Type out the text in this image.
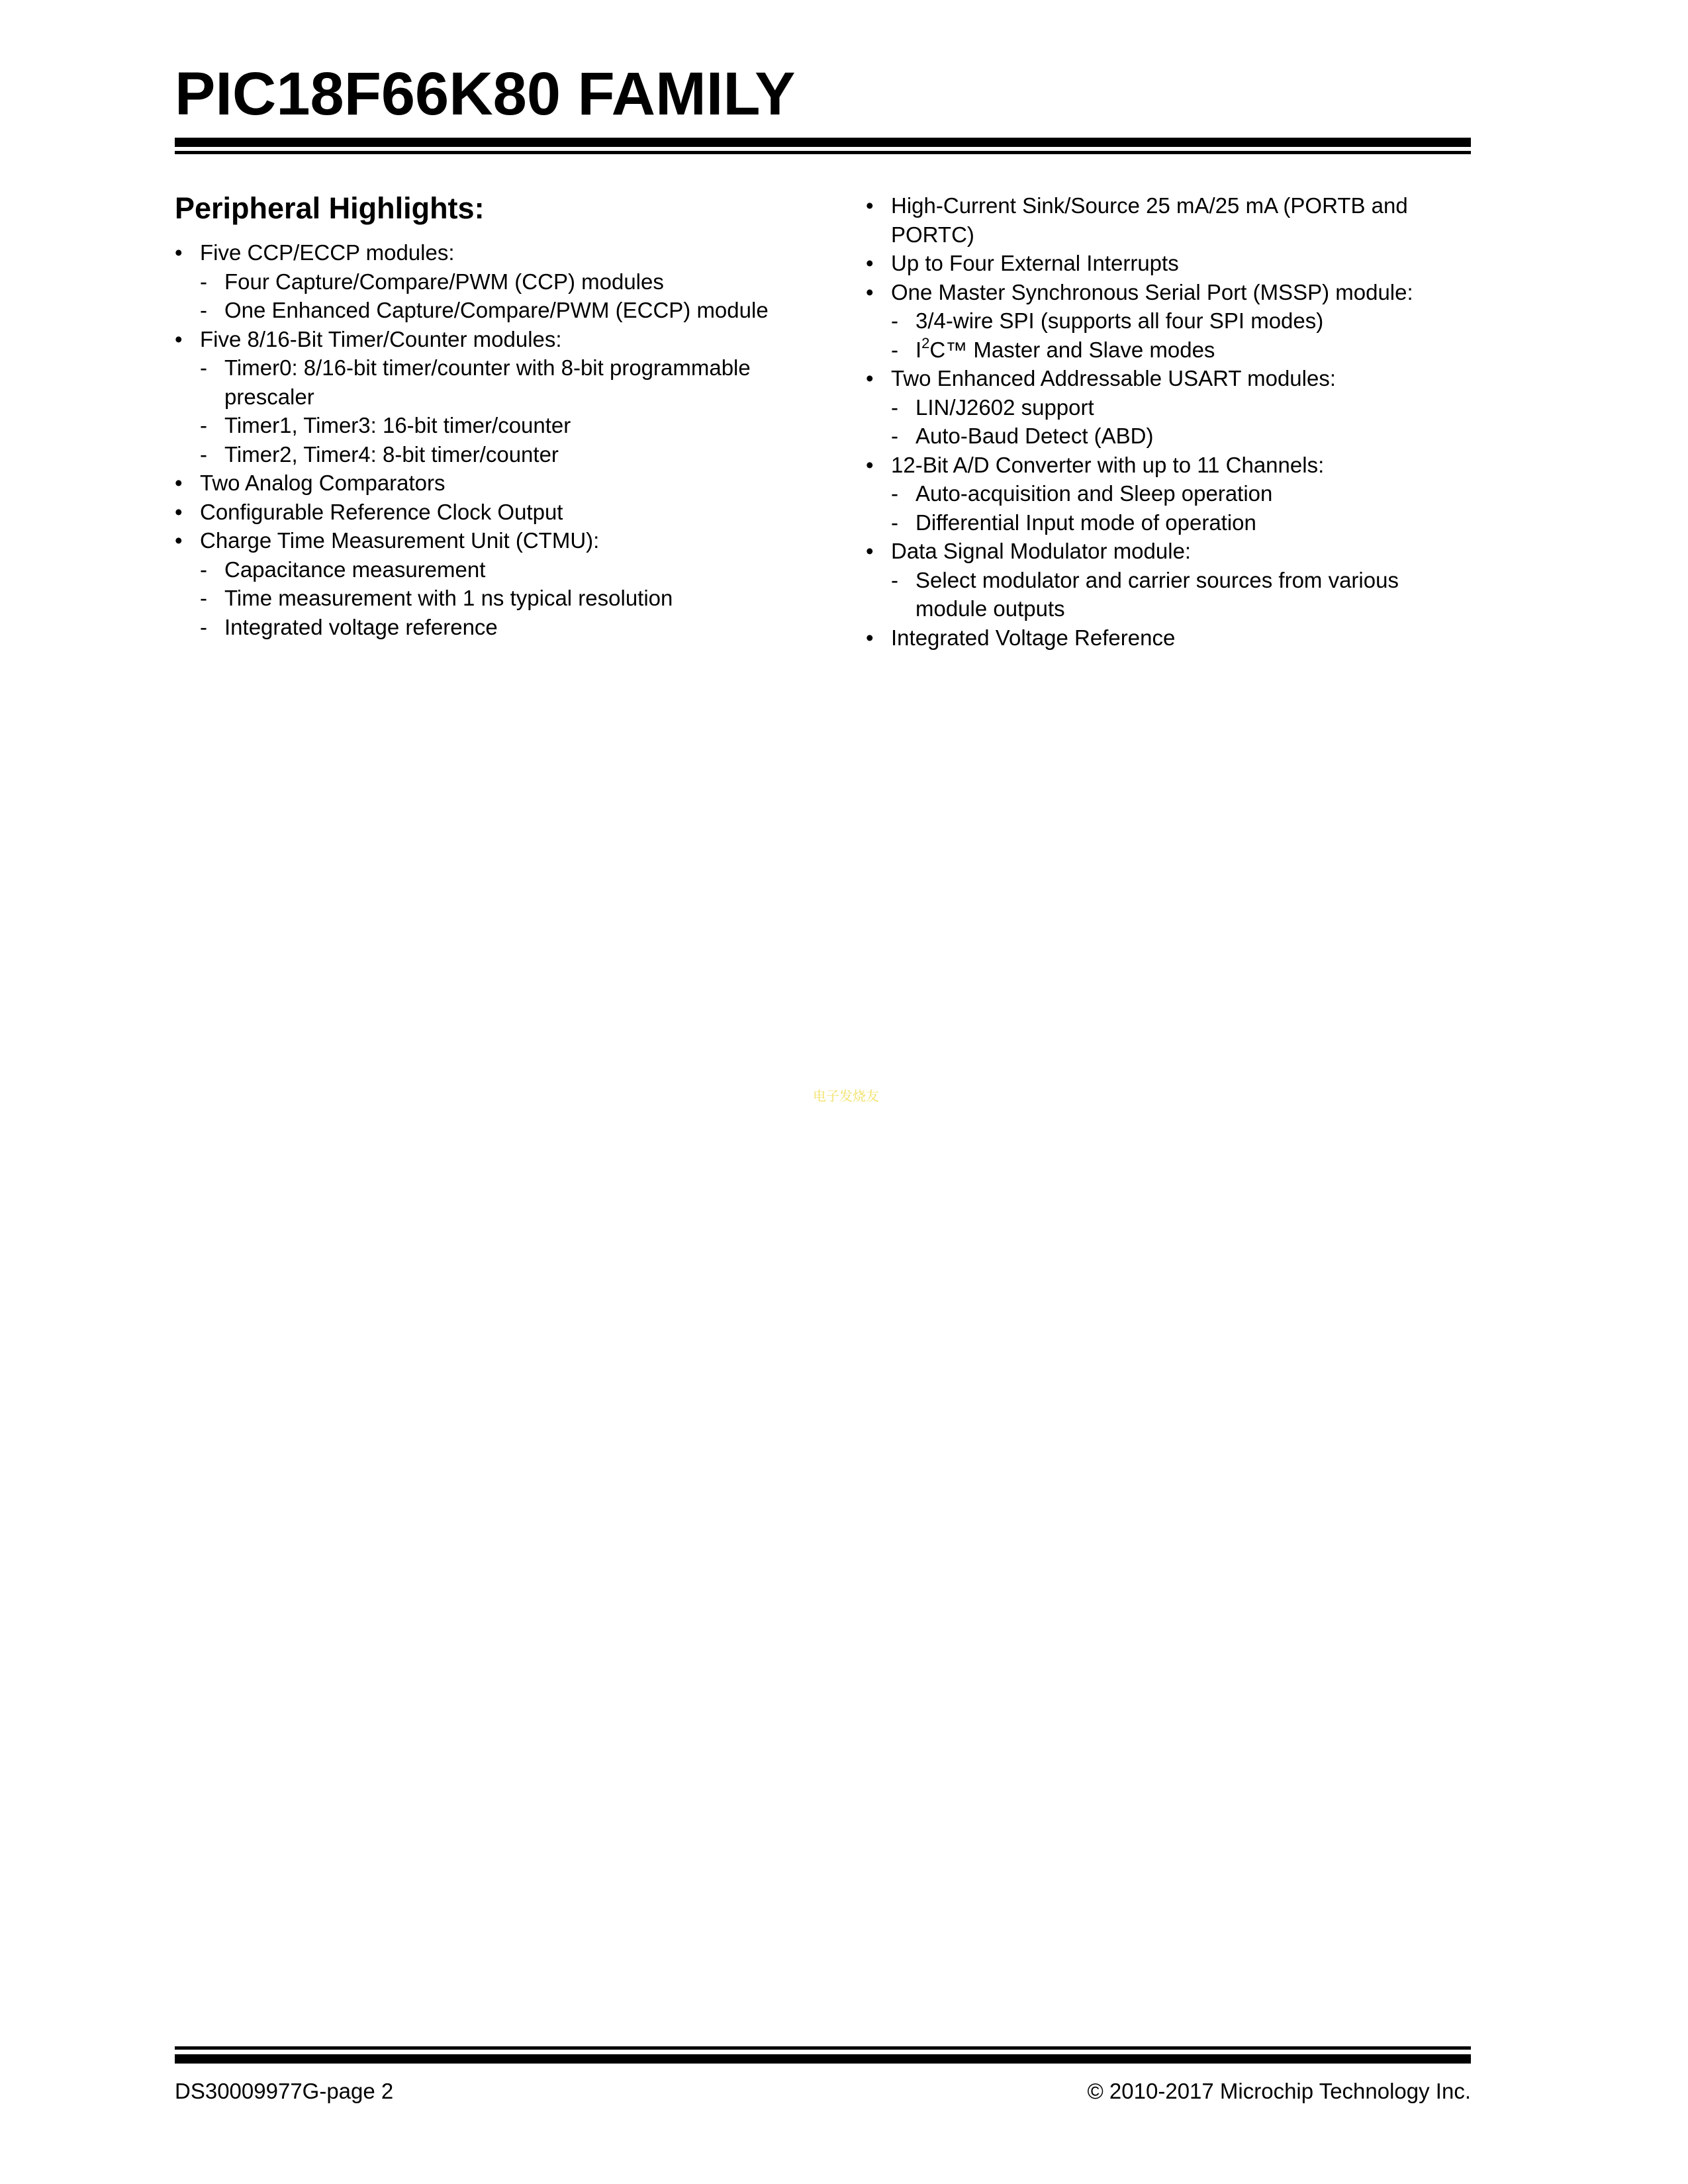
PIC18F66K80 FAMILY
Peripheral Highlights:
• Five CCP/ECCP modules:
- Four Capture/Compare/PWM (CCP) modules
- One Enhanced Capture/Compare/PWM (ECCP) module
• Five 8/16-Bit Timer/Counter modules:
- Timer0: 8/16-bit timer/counter with 8-bit programmable prescaler
- Timer1, Timer3: 16-bit timer/counter
- Timer2, Timer4: 8-bit timer/counter
• Two Analog Comparators
• Configurable Reference Clock Output
• Charge Time Measurement Unit (CTMU):
- Capacitance measurement
- Time measurement with 1 ns typical resolution
- Integrated voltage reference
• High-Current Sink/Source 25 mA/25 mA (PORTB and PORTC)
• Up to Four External Interrupts
• One Master Synchronous Serial Port (MSSP) module:
- 3/4-wire SPI (supports all four SPI modes)
- $I^2C™$ Master and Slave modes
• Two Enhanced Addressable USART modules:
- LIN/J2602 support
- Auto-Baud Detect (ABD)
• 12-Bit A/D Converter with up to 11 Channels:
- Auto-acquisition and Sleep operation
- Differential Input mode of operation
• Data Signal Modulator module:
- Select modulator and carrier sources from various module outputs
• Integrated Voltage Reference
电子发烧友
DS30009977G-page 2	© 2010-2017 Microchip Technology Inc.
